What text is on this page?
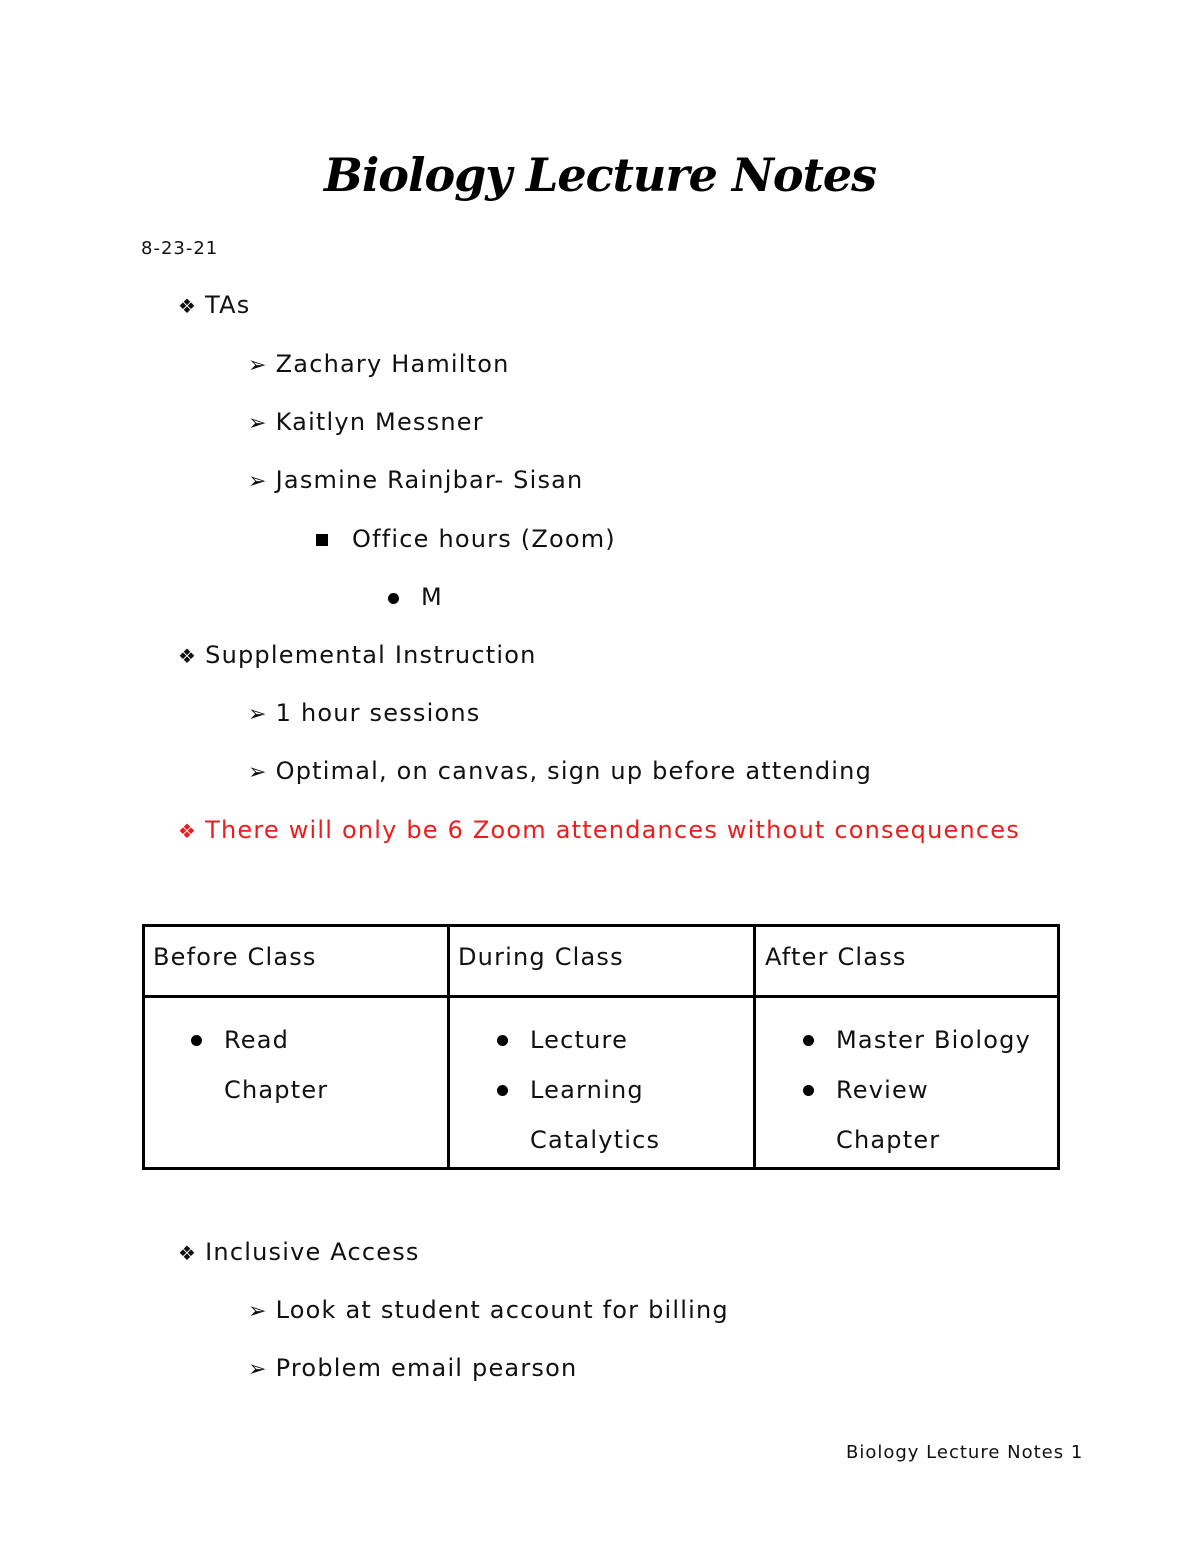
Biology Lecture Notes
8-23-21
❖ TAs
➢ Zachary Hamilton
➢ Kaitlyn Messner
➢ Jasmine Rainjbar- Sisan
Office hours (Zoom)
M
❖ Supplemental Instruction
➢ 1 hour sessions
➢ Optimal, on canvas, sign up before attending
❖ There will only be 6 Zoom attendances without consequences
Before Class	During Class	After Class
Read Chapter
Lecture
Learning Catalytics
Master Biology
Review Chapter
❖ Inclusive Access
➢ Look at student account for billing
➢ Problem email pearson
Biology Lecture Notes 1
